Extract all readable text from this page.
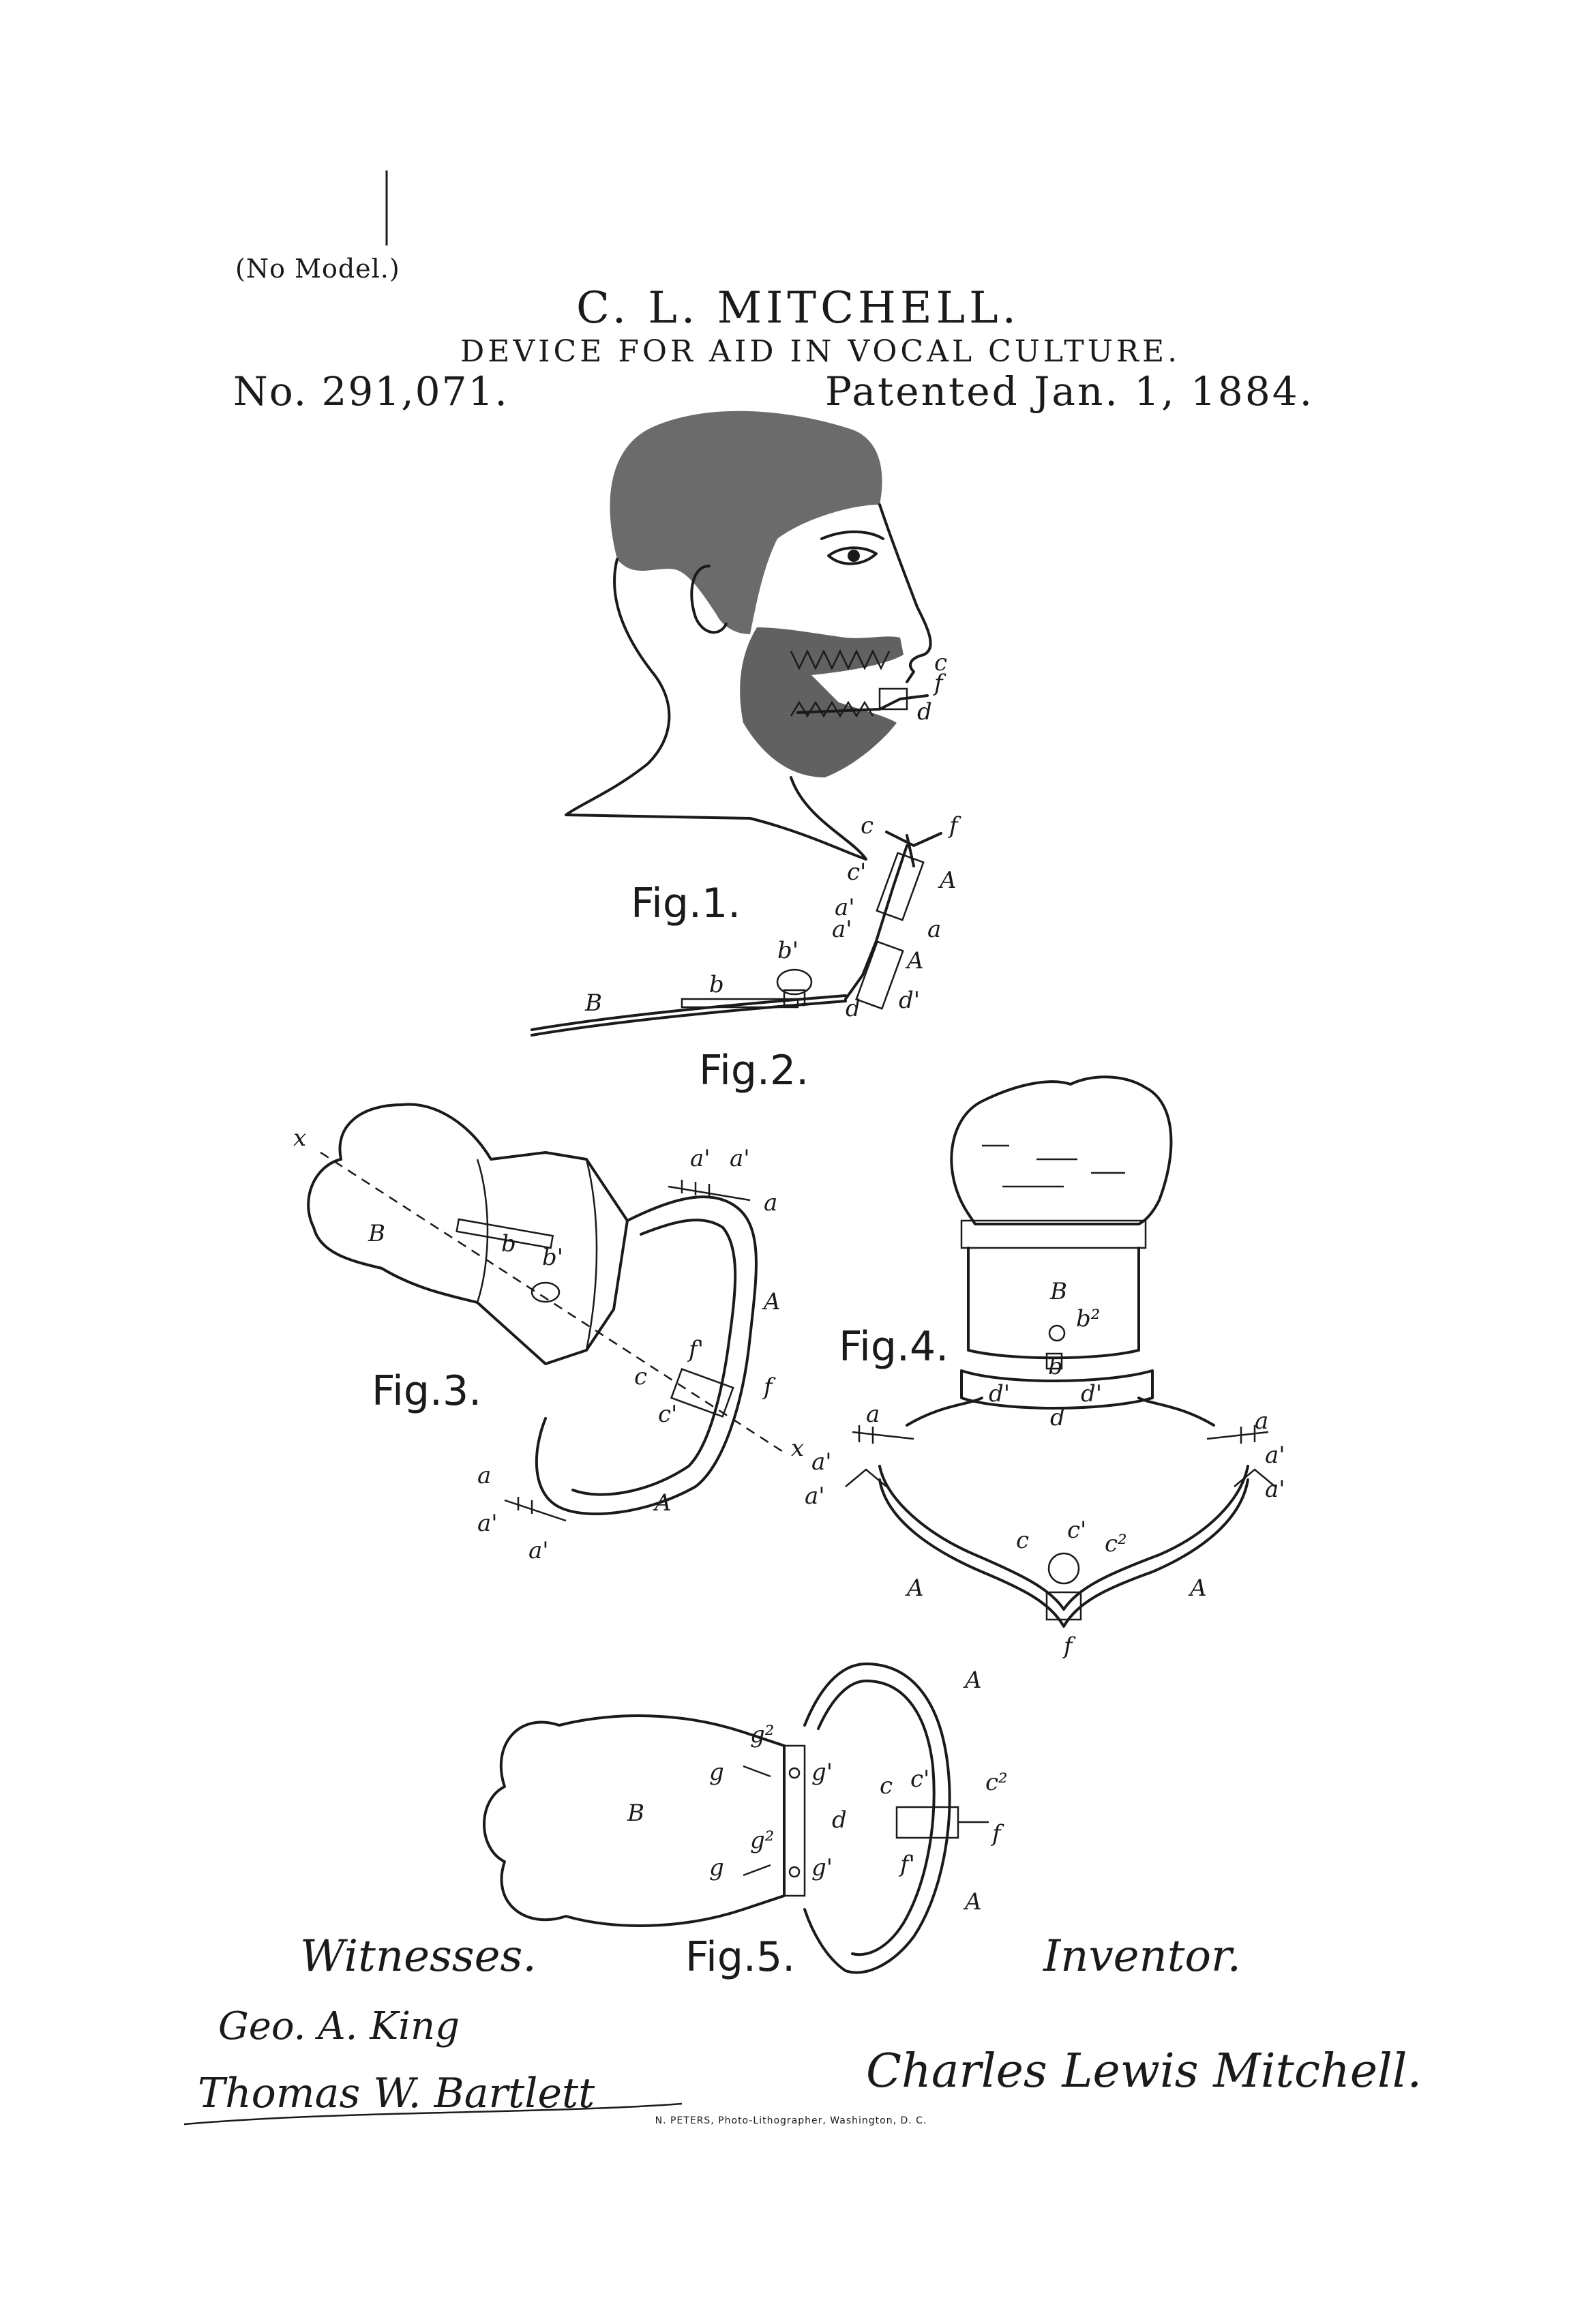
(No Model.)
C. L. MITCHELL.
DEVICE FOR AID IN VOCAL CULTURE.
No. 291,071.	Patented Jan. 1, 1884.
c
f
d
Fig.1.
c	f
c'	A
a'
a'	a
A
d d'
b'
b
B
Fig.2.
x
a' a'
a
B	b b'
A
f'
c	f
c'
x
a
a'
a'
A
Fig.3.
B
b²
b
d'	d'
d
a
a'
a'
a
a'
a'
c c' c²
A	A
f
Fig.4.
A
g²
g	g'
B	d
c c' c²
g²
g	g'	f'
f
A
Fig.5.
Witnesses.
Geo. A. King
Thomas W. Bartlett
Inventor.
Charles Lewis Mitchell.
N. PETERS, Photo-Lithographer, Washington, D. C.
